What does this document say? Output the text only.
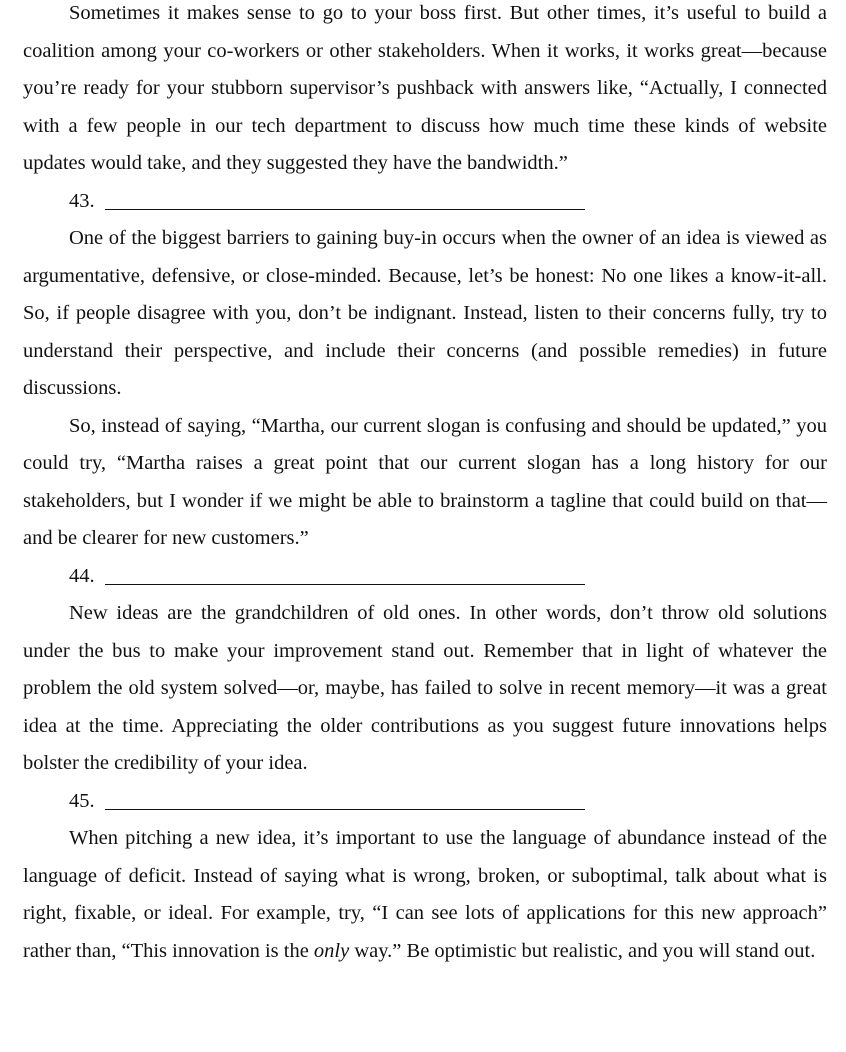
Sometimes it makes sense to go to your boss first. But other times, it’s useful to build a coalition among your co-workers or other stakeholders. When it works, it works great—because you’re ready for your stubborn supervisor’s pushback with answers like, “Actually, I connected with a few people in our tech department to discuss how much time these kinds of website updates would take, and they suggested they have the bandwidth.”

43.

One of the biggest barriers to gaining buy-in occurs when the owner of an idea is viewed as argumentative, defensive, or close-minded. Because, let’s be honest: No one likes a know-it-all. So, if people disagree with you, don’t be indignant. Instead, listen to their concerns fully, try to understand their perspective, and include their concerns (and possible remedies) in future discussions.

So, instead of saying, “Martha, our current slogan is confusing and should be updated,” you could try, “Martha raises a great point that our current slogan has a long history for our stakeholders, but I wonder if we might be able to brainstorm a tagline that could build on that—and be clearer for new customers.”

44.

New ideas are the grandchildren of old ones. In other words, don’t throw old solutions under the bus to make your improvement stand out. Remember that in light of whatever the problem the old system solved—or, maybe, has failed to solve in recent memory—it was a great idea at the time. Appreciating the older contributions as you suggest future innovations helps bolster the credibility of your idea.

45.

When pitching a new idea, it’s important to use the language of abundance instead of the language of deficit. Instead of saying what is wrong, broken, or suboptimal, talk about what is right, fixable, or ideal. For example, try, “I can see lots of applications for this new approach” rather than, “This innovation is the only way.” Be optimistic but realistic, and you will stand out.
